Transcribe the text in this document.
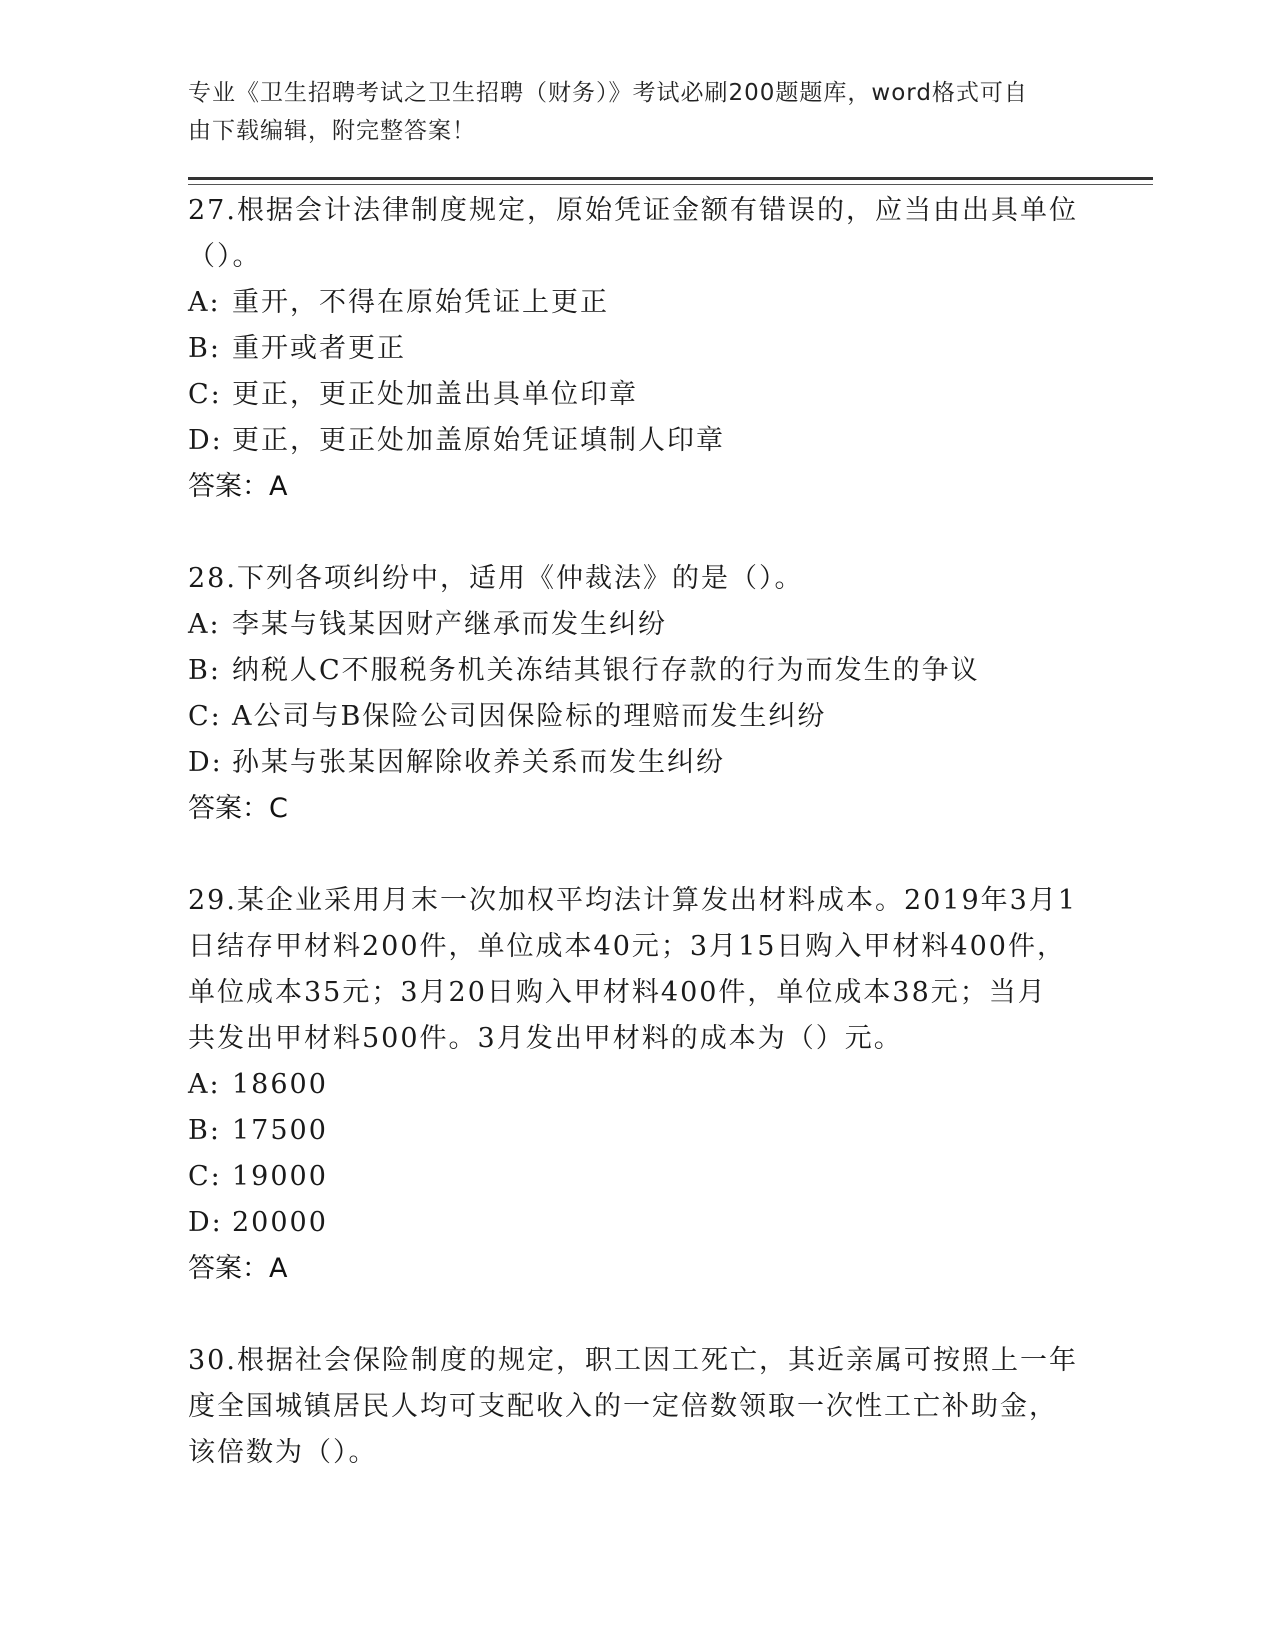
专业《卫生招聘考试之卫生招聘（财务）》考试必刷200题题库，word格式可自
由下载编辑，附完整答案！
27.根据会计法律制度规定，原始凭证金额有错误的，应当由出具单位
（）。
A: 重开，不得在原始凭证上更正
B: 重开或者更正
C: 更正，更正处加盖出具单位印章
D: 更正，更正处加盖原始凭证填制人印章
答案：A
28.下列各项纠纷中，适用《仲裁法》的是（）。
A: 李某与钱某因财产继承而发生纠纷
B: 纳税人C不服税务机关冻结其银行存款的行为而发生的争议
C: A公司与B保险公司因保险标的理赔而发生纠纷
D: 孙某与张某因解除收养关系而发生纠纷
答案：C
29.某企业采用月末一次加权平均法计算发出材料成本。2019年3月1
日结存甲材料200件，单位成本40元；3月15日购入甲材料400件，
单位成本35元；3月20日购入甲材料400件，单位成本38元；当月
共发出甲材料500件。3月发出甲材料的成本为（）元。
A: 18600
B: 17500
C: 19000
D: 20000
答案：A
30.根据社会保险制度的规定，职工因工死亡，其近亲属可按照上一年
度全国城镇居民人均可支配收入的一定倍数领取一次性工亡补助金，
该倍数为（）。
